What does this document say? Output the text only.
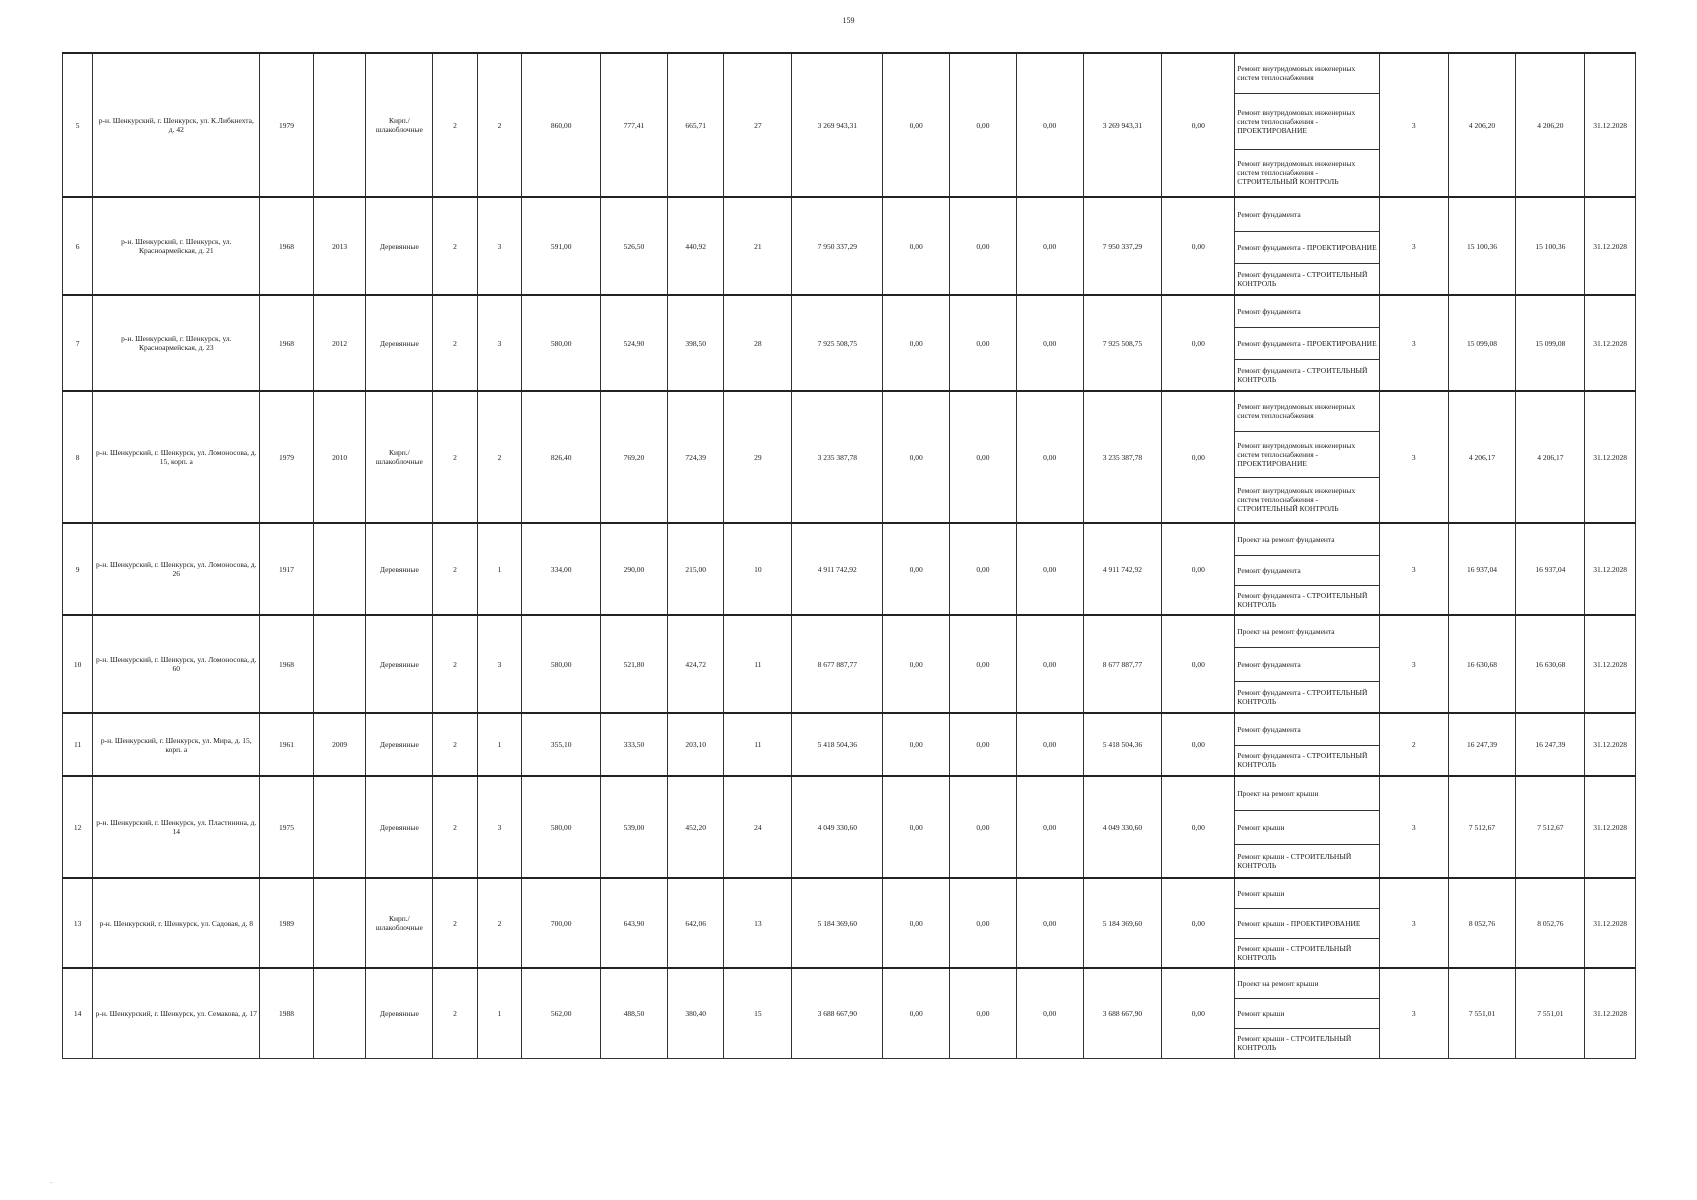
159
5	р-н. Шенкурский, г. Шенкурск, ул. К.Либкнехта, д. 42	1979		Кирп./ шлакоблочные	2	2	860,00	777,41	665,71	27	3 269 943,31	0,00	0,00	0,00	3 269 943,31	0,00	Ремонт внутридомовых инженерных систем теплоснабжения	3	4 206,20	4 206,20	31.12.2028
																	Ремонт внутридомовых инженерных систем теплоснабжения - ПРОЕКТИРОВАНИЕ				
																	Ремонт внутридомовых инженерных систем теплоснабжения - СТРОИТЕЛЬНЫЙ КОНТРОЛЬ				
6	р-н. Шенкурский, г. Шенкурск, ул. Красноармейская, д. 21	1968	2013	Деревянные	2	3	591,00	526,50	440,92	21	7 950 337,29	0,00	0,00	0,00	7 950 337,29	0,00	Ремонт фундамента	3	15 100,36	15 100,36	31.12.2028
																	Ремонт фундамента - ПРОЕКТИРОВАНИЕ				
																	Ремонт фундамента - СТРОИТЕЛЬНЫЙ КОНТРОЛЬ				
7	р-н. Шенкурский, г. Шенкурск, ул. Красноармейская, д. 23	1968	2012	Деревянные	2	3	580,00	524,90	398,50	28	7 925 508,75	0,00	0,00	0,00	7 925 508,75	0,00	Ремонт фундамента	3	15 099,08	15 099,08	31.12.2028
																	Ремонт фундамента - ПРОЕКТИРОВАНИЕ				
																	Ремонт фундамента - СТРОИТЕЛЬНЫЙ КОНТРОЛЬ				
8	р-н. Шенкурский, г. Шенкурск, ул. Ломоносова, д. 15, корп. а	1979	2010	Кирп./ шлакоблочные	2	2	826,40	769,20	724,39	29	3 235 387,78	0,00	0,00	0,00	3 235 387,78	0,00	Ремонт внутридомовых инженерных систем теплоснабжения	3	4 206,17	4 206,17	31.12.2028
																	Ремонт внутридомовых инженерных систем теплоснабжения - ПРОЕКТИРОВАНИЕ				
																	Ремонт внутридомовых инженерных систем теплоснабжения - СТРОИТЕЛЬНЫЙ КОНТРОЛЬ				
9	р-н. Шенкурский, г. Шенкурск, ул. Ломоносова, д. 26	1917		Деревянные	2	1	334,00	290,00	215,00	10	4 911 742,92	0,00	0,00	0,00	4 911 742,92	0,00	Проект на ремонт фундамента	3	16 937,04	16 937,04	31.12.2028
																	Ремонт фундамента				
																	Ремонт фундамента - СТРОИТЕЛЬНЫЙ КОНТРОЛЬ				
10	р-н. Шенкурский, г. Шенкурск, ул. Ломоносова, д. 60	1968		Деревянные	2	3	580,00	521,80	424,72	11	8 677 887,77	0,00	0,00	0,00	8 677 887,77	0,00	Проект на ремонт фундамента	3	16 630,68	16 630,68	31.12.2028
																	Ремонт фундамента				
																	Ремонт фундамента - СТРОИТЕЛЬНЫЙ КОНТРОЛЬ				
11	р-н. Шенкурский, г. Шенкурск, ул. Мира, д. 15, корп. а	1961	2009	Деревянные	2	1	355,10	333,50	203,10	11	5 418 504,36	0,00	0,00	0,00	5 418 504,36	0,00	Ремонт фундамента	2	16 247,39	16 247,39	31.12.2028
																	Ремонт фундамента - СТРОИТЕЛЬНЫЙ КОНТРОЛЬ				
12	р-н. Шенкурский, г. Шенкурск, ул. Пластинина, д. 14	1975		Деревянные	2	3	580,00	539,00	452,20	24	4 049 330,60	0,00	0,00	0,00	4 049 330,60	0,00	Проект на ремонт крыши	3	7 512,67	7 512,67	31.12.2028
																	Ремонт крыши				
																	Ремонт крыши - СТРОИТЕЛЬНЫЙ КОНТРОЛЬ				
13	р-н. Шенкурский, г. Шенкурск, ул. Садовая, д. 8	1989		Кирп./ шлакоблочные	2	2	700,00	643,90	642,06	13	5 184 369,60	0,00	0,00	0,00	5 184 369,60	0,00	Ремонт крыши	3	8 052,76	8 052,76	31.12.2028
																	Ремонт крыши - ПРОЕКТИРОВАНИЕ				
																	Ремонт крыши - СТРОИТЕЛЬНЫЙ КОНТРОЛЬ				
14	р-н. Шенкурский, г. Шенкурск, ул. Семакова, д. 17	1988		Деревянные	2	1	562,00	488,50	380,40	15	3 688 667,90	0,00	0,00	0,00	3 688 667,90	0,00	Проект на ремонт крыши	3	7 551,01	7 551,01	31.12.2028
																	Ремонт крыши				
																	Ремонт крыши - СТРОИТЕЛЬНЫЙ КОНТРОЛЬ				
-
